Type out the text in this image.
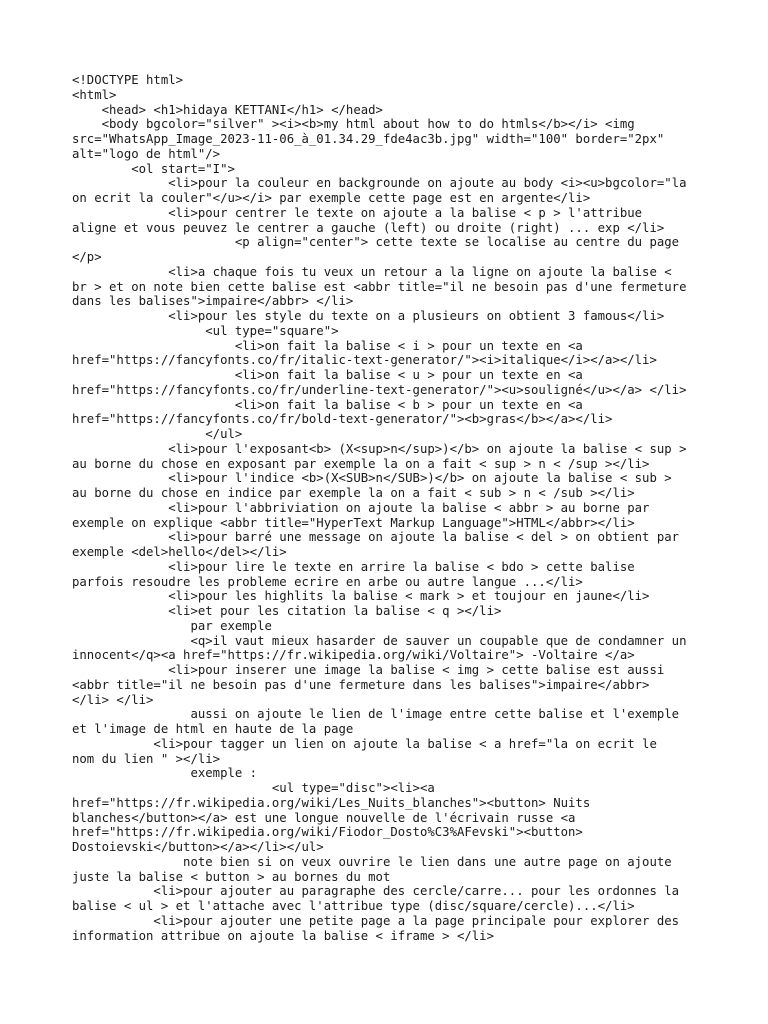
<!DOCTYPE html>
<html>
<head> <h1>hidaya KETTANI</h1> </head>
<body bgcolor="silver" ><i><b>my html about how to do htmls</b></i> <img
src="WhatsApp_Image_2023-11-06_à_01.34.29_fde4ac3b.jpg" width="100" border="2px"
alt="logo de html"/>
<ol start="I">
<li>pour la couleur en backgrounde on ajoute au body <i><u>bgcolor="la
on ecrit la couler"</u></i> par exemple cette page est en argente</li>
<li>pour centrer le texte on ajoute a la balise < p > l'attribue
aligne et vous peuvez le centrer a gauche (left) ou droite (right) ... exp </li>
<p align="center"> cette texte se localise au centre du page
</p>
<li>a chaque fois tu veux un retour a la ligne on ajoute la balise <
br > et on note bien cette balise est <abbr title="il ne besoin pas d'une fermeture
dans les balises">impaire</abbr> </li>
<li>pour les style du texte on a plusieurs on obtient 3 famous</li>
<ul type="square">
<li>on fait la balise < i > pour un texte en <a
href="https://fancyfonts.co/fr/italic-text-generator/"><i>italique</i></a></li>
<li>on fait la balise < u > pour un texte en <a
href="https://fancyfonts.co/fr/underline-text-generator/"><u>souligné</u></a> </li>
<li>on fait la balise < b > pour un texte en <a
href="https://fancyfonts.co/fr/bold-text-generator/"><b>gras</b></a></li>
</ul>
<li>pour l'exposant<b> (X<sup>n</sup>)</b> on ajoute la balise < sup >
au borne du chose en exposant par exemple la on a fait < sup > n < /sup ></li>
<li>pour l'indice <b>(X<SUB>n</SUB>)</b> on ajoute la balise < sub >
au borne du chose en indice par exemple la on a fait < sub > n < /sub ></li>
<li>pour l'abbriviation on ajoute la balise < abbr > au borne par
exemple on explique <abbr title="HyperText Markup Language">HTML</abbr></li>
<li>pour barré une message on ajoute la balise < del > on obtient par
exemple <del>hello</del></li>
<li>pour lire le texte en arrire la balise < bdo > cette balise
parfois resoudre les probleme ecrire en arbe ou autre langue ...</li>
<li>pour les highlits la balise < mark > et toujour en jaune</li>
<li>et pour les citation la balise < q ></li>
par exemple
<q>il vaut mieux hasarder de sauver un coupable que de condamner un
innocent</q><a href="https://fr.wikipedia.org/wiki/Voltaire"> -Voltaire </a>
<li>pour inserer une image la balise < img > cette balise est aussi
<abbr title="il ne besoin pas d'une fermeture dans les balises">impaire</abbr>
</li> </li>
aussi on ajoute le lien de l'image entre cette balise et l'exemple
et l'image de html en haute de la page
<li>pour tagger un lien on ajoute la balise < a href="la on ecrit le
nom du lien " ></li>
exemple :
<ul type="disc"><li><a
href="https://fr.wikipedia.org/wiki/Les_Nuits_blanches"><button> Nuits
blanches</button></a> est une longue nouvelle de l'écrivain russe <a
href="https://fr.wikipedia.org/wiki/Fiodor_Dosto%C3%AFevski"><button>
Dostoievski</button></a></li></ul>
note bien si on veux ouvrire le lien dans une autre page on ajoute
juste la balise < button > au bornes du mot
<li>pour ajouter au paragraphe des cercle/carre... pour les ordonnes la
balise < ul > et l'attache avec l'attribue type (disc/square/cercle)...</li>
<li>pour ajouter une petite page a la page principale pour explorer des
information attribue on ajoute la balise < iframe > </li>
